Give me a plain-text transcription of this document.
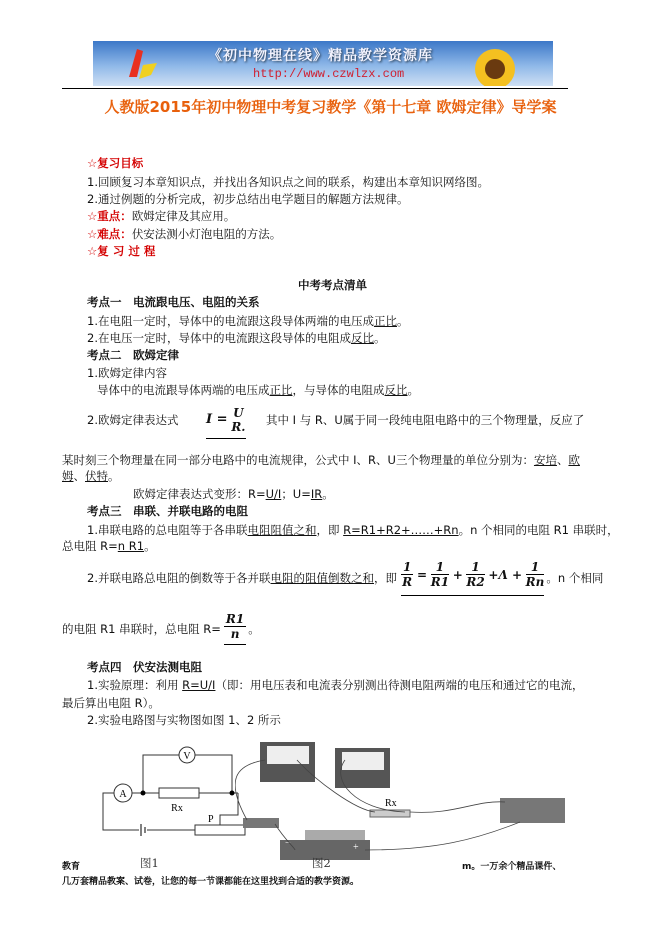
《初中物理在线》精品教学资源库
http://www.czwlzx.com
人教版2015年初中物理中考复习教学《第十七章 欧姆定律》导学案
☆复习目标
1.回顾复习本章知识点，并找出各知识点之间的联系，构建出本章知识网络图。
2.通过例题的分析完成，初步总结出电学题目的解题方法规律。
☆重点：欧姆定律及其应用。
☆难点：伏安法测小灯泡电阻的方法。
☆复 习 过 程
中考考点清单
考点一　电流跟电压、电阻的关系
1.在电阻一定时，导体中的电流跟这段导体两端的电压成正比。
2.在电压一定时，导体中的电流跟这段导体的电阻成反比。
考点二　欧姆定律
1.欧姆定律内容
导体中的电流跟导体两端的电压成正比，与导体的电阻成反比。
2.欧姆定律表达式 I = U
R. 其中 I 与 R、U属于同一段纯电阻电路中的三个物理量，反应了
某时刻三个物理量在同一部分电路中的电流规律，公式中 I、R、U三个物理量的单位分别为：安培、欧
姆、伏特。
欧姆定律表达式变形：R=U/I；U=IR。
考点三　串联、并联电路的电阻
1.串联电路的总电阻等于各串联电阻阻值之和，即 R=R1+R2+……+Rn。n 个相同的电阻 R1 串联时，
总电阻 R=n R1。
2.并联电路总电阻的倒数等于各并联电阻的阻值倒数之和，即 $\frac{1}{R} = \frac{1}{R1} + \frac{1}{R2} +\Lambda + \frac{1}{Rn}$ 。n 个相同
的电阻 R1 串联时，总电阻 $R= \frac{R1}{n}$ 。
考点四　伏安法测电阻
1.实验原理：利用 R=U/I（即：用电压表和电流表分别测出待测电阻两端的电压和通过它的电流，
最后算出电阻 R）。
2.实验电路图与实物图如图 1、2 所示
A
V
Rx
P
Rx
−	+
图1	图2
教育	m。一万余个精品课件、
几万套精品教案、试卷，让您的每一节课都能在这里找到合适的教学资源。
